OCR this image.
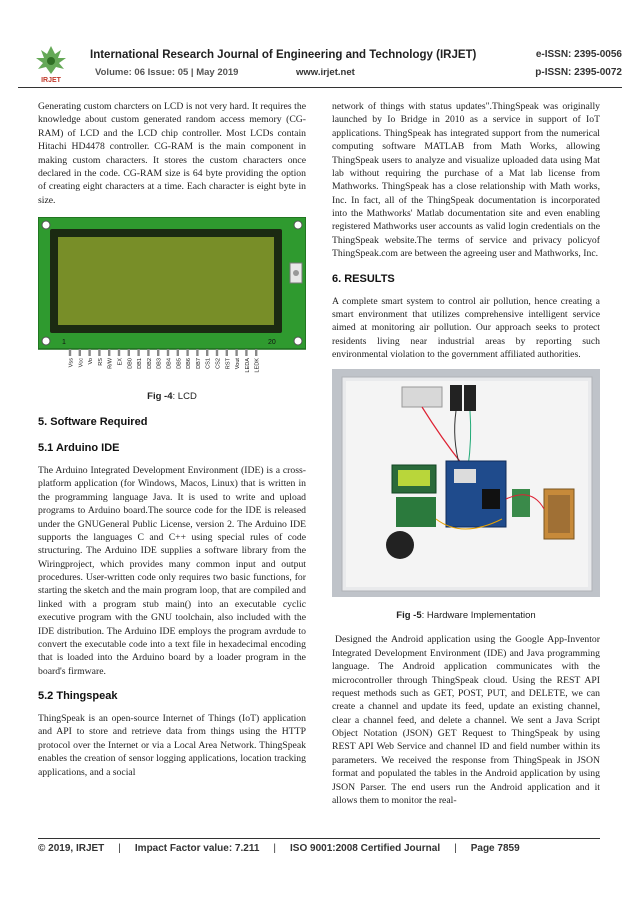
IRJET
International Research Journal of Engineering and Technology (IRJET)	e-ISSN: 2395-0056
Volume: 06 Issue: 05 | May 2019	www.irjet.net	p-ISSN: 2395-0072

Generating custom charcters on LCD is not very hard. It requires the knowledge about custom generated random access memory (CG-RAM) of LCD and the LCD chip controller. Most LCDs contain Hitachi HD4478 controller. CG-RAM is the main component in making custom characters. It stores the custom characters once declared in the code. CG-RAM size is 64 byte providing the option of creating eight characters at a time. Each character is eight byte in size.

1	20
Vss Vcc Vo RS R/W EX DB0 DB1 DB2 DB3 DB4 DB5 DB6 DB7 CS1 CS2 RST Vout LEDA LEDK
Fig -4: LCD
5. Software Required
5.1 Arduino IDE

The Arduino Integrated Development Environment (IDE) is a cross-platform application (for Windows, Macos, Linux) that is written in the programming language Java. It is used to write and upload programs to Arduino board.The source code for the IDE is released under the GNUGeneral Public License, version 2. The Arduino IDE supports the languages C and C++ using special rules of code structuring. The Arduino IDE supplies a software library from the Wiringproject, which provides many common input and output procedures. User-written code only requires two basic functions, for starting the sketch and the main program loop, that are compiled and linked with a program stub main() into an executable cyclic executive program with the GNU toolchain, also included with the IDE distribution. The Arduino IDE employs the program avrdude to convert the executable code into a text file in hexadecimal encoding that is loaded into the Arduino board by a loader program in the board's firmware.

5.2 Thingspeak

ThingSpeak is an open-source Internet of Things (IoT) application and API to store and retrieve data from things using the HTTP protocol over the Internet or via a Local Area Network. ThingSpeak enables the creation of sensor logging applications, location tracking applications, and a social

network of things with status updates".ThingSpeak was originally launched by Io Bridge in 2010 as a service in support of IoT applications. ThingSpeak has integrated support from the numerical computing software MATLAB from Math Works, allowing ThingSpeak users to analyze and visualize uploaded data using Mat lab without requiring the purchase of a Mat lab license from Mathworks. ThingSpeak has a close relationship with Math works, Inc. In fact, all of the ThingSpeak documentation is incorporated into the Mathworks' Matlab documentation site and even enabling registered Mathworks user accounts as valid login credentials on the ThingSpeak website.The terms of service and privacy policyof ThingSpeak.com are between the agreeing user and Mathworks, Inc.

6. RESULTS

A complete smart system to control air pollution, hence creating a smart environment that utilizes comprehensive intelligent service aimed at monitoring air pollution. Our approach seeks to protect residents living near industrial areas by reporting such environmental violation to the government affiliated authorities.

Fig -5: Hardware Implementation

Designed the Android application using the Google App-Inventor Integrated Development Environment (IDE) and Java programming language. The Android application communicates with the microcontroller through ThingSpeak cloud. Using the REST API request methods such as GET, POST, PUT, and DELETE, we can create a channel and update its feed, update an existing channel, clear a channel feed, and delete a channel. We sent a Java Script Object Notation (JSON) GET Request to ThingSpeak by using REST API Web Service and channel ID and field number within its parameters. We received the response from ThingSpeak in JSON format and populated the tables in the Android application by using JSON Parser. The end users run the Android application and it allows them to monitor the real-

© 2019, IRJET | Impact Factor value: 7.211 | ISO 9001:2008 Certified Journal | Page 7859
